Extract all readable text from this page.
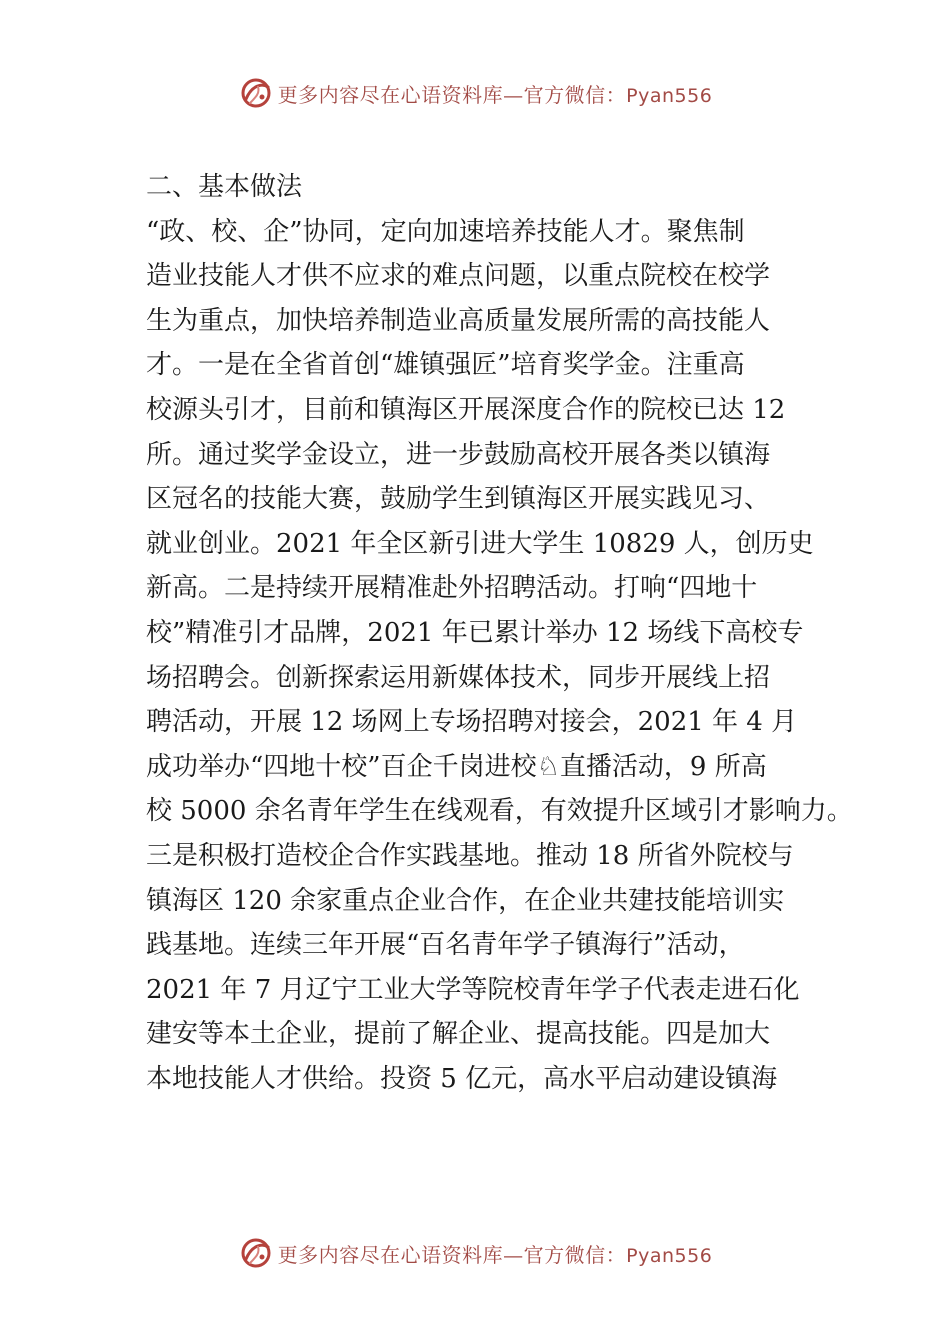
更多内容尽在心语资料库—官方微信：Pyan556
二、基本做法
“政、校、企”协同，定向加速培养技能人才。聚焦制
造业技能人才供不应求的难点问题，以重点院校在校学
生为重点，加快培养制造业高质量发展所需的高技能人
才。一是在全省首创“雄镇强匠”培育奖学金。注重高
校源头引才，目前和镇海区开展深度合作的院校已达 12
所。通过奖学金设立，进一步鼓励高校开展各类以镇海
区冠名的技能大赛，鼓励学生到镇海区开展实践见习、
就业创业。2021 年全区新引进大学生 10829 人，创历史
新高。二是持续开展精准赴外招聘活动。打响“四地十
校”精准引才品牌，2021 年已累计举办 12 场线下高校专
场招聘会。创新探索运用新媒体技术，同步开展线上招
聘活动，开展 12 场网上专场招聘对接会，2021 年 4 月
成功举办“四地十校”百企千岗进校♘直播活动，9 所高
校 5000 余名青年学生在线观看，有效提升区域引才影响力。
三是积极打造校企合作实践基地。推动 18 所省外院校与
镇海区 120 余家重点企业合作，在企业共建技能培训实
践基地。连续三年开展“百名青年学子镇海行”活动，
2021 年 7 月辽宁工业大学等院校青年学子代表走进石化
建安等本土企业，提前了解企业、提高技能。四是加大
本地技能人才供给。投资 5 亿元，高水平启动建设镇海
更多内容尽在心语资料库—官方微信：Pyan556
